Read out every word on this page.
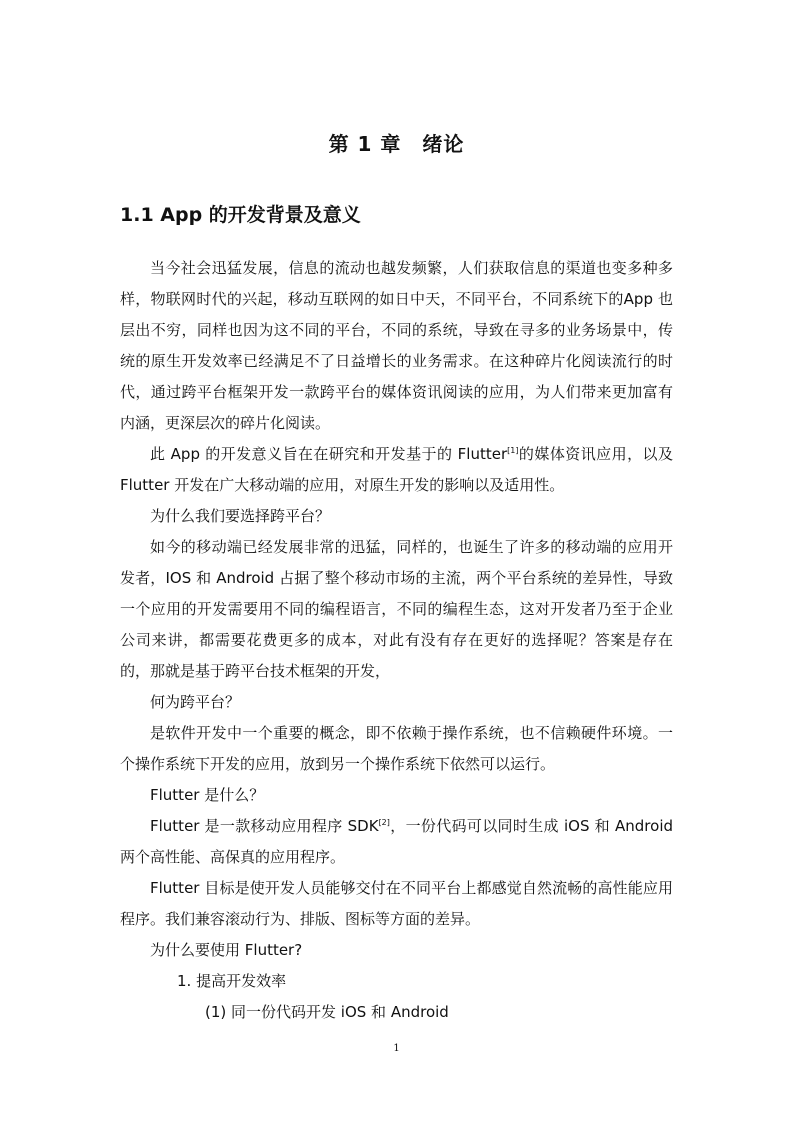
第 1 章　绪论
1.1 App 的开发背景及意义

当今社会迅猛发展，信息的流动也越发频繁，人们获取信息的渠道也变多种多样，物联网时代的兴起，移动互联网的如日中天，不同平台，不同系统下的App 也层出不穷，同样也因为这不同的平台，不同的系统，导致在寻多的业务场景中，传统的原生开发效率已经满足不了日益增长的业务需求。在这种碎片化阅读流行的时代，通过跨平台框架开发一款跨平台的媒体资讯阅读的应用，为人们带来更加富有内涵，更深层次的碎片化阅读。

此 App 的开发意义旨在在研究和开发基于的 Flutter[1]的媒体资讯应用，以及 Flutter 开发在广大移动端的应用，对原生开发的影响以及适用性。

为什么我们要选择跨平台？

如今的移动端已经发展非常的迅猛，同样的，也诞生了许多的移动端的应用开发者，IOS 和 Android 占据了整个移动市场的主流，两个平台系统的差异性，导致一个应用的开发需要用不同的编程语言，不同的编程生态，这对开发者乃至于企业公司来讲，都需要花费更多的成本，对此有没有存在更好的选择呢？答案是存在的，那就是基于跨平台技术框架的开发，

何为跨平台？

是软件开发中一个重要的概念，即不依赖于操作系统，也不信赖硬件环境。一个操作系统下开发的应用，放到另一个操作系统下依然可以运行。

Flutter 是什么？

Flutter 是一款移动应用程序 SDK[2]，一份代码可以同时生成 iOS 和 Android 两个高性能、高保真的应用程序。

Flutter 目标是使开发人员能够交付在不同平台上都感觉自然流畅的高性能应用程序。我们兼容滚动行为、排版、图标等方面的差异。

为什么要使用 Flutter?

1. 提高开发效率

(1) 同一份代码开发 iOS 和 Android

1
